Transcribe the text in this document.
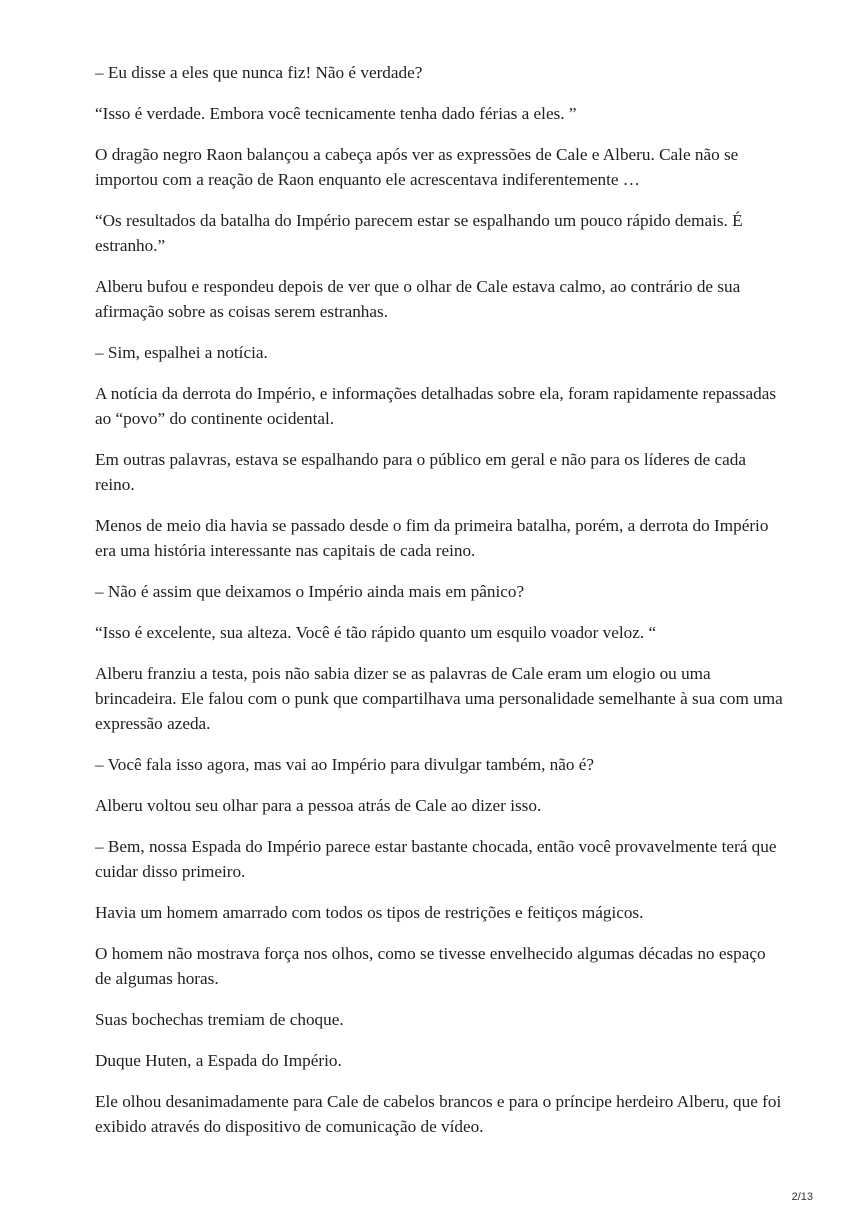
– Eu disse a eles que nunca fiz! Não é verdade?

“Isso é verdade. Embora você tecnicamente tenha dado férias a eles. ”

O dragão negro Raon balançou a cabeça após ver as expressões de Cale e Alberu. Cale não se importou com a reação de Raon enquanto ele acrescentava indiferentemente …

“Os resultados da batalha do Império parecem estar se espalhando um pouco rápido demais. É estranho.”

Alberu bufou e respondeu depois de ver que o olhar de Cale estava calmo, ao contrário de sua afirmação sobre as coisas serem estranhas.

– Sim, espalhei a notícia.

A notícia da derrota do Império, e informações detalhadas sobre ela, foram rapidamente repassadas ao “povo” do continente ocidental.

Em outras palavras, estava se espalhando para o público em geral e não para os líderes de cada reino.

Menos de meio dia havia se passado desde o fim da primeira batalha, porém, a derrota do Império era uma história interessante nas capitais de cada reino.

– Não é assim que deixamos o Império ainda mais em pânico?

“Isso é excelente, sua alteza. Você é tão rápido quanto um esquilo voador veloz. “

Alberu franziu a testa, pois não sabia dizer se as palavras de Cale eram um elogio ou uma brincadeira. Ele falou com o punk que compartilhava uma personalidade semelhante à sua com uma expressão azeda.

– Você fala isso agora, mas vai ao Império para divulgar também, não é?

Alberu voltou seu olhar para a pessoa atrás de Cale ao dizer isso.

– Bem, nossa Espada do Império parece estar bastante chocada, então você provavelmente terá que cuidar disso primeiro.

Havia um homem amarrado com todos os tipos de restrições e feitiços mágicos.

O homem não mostrava força nos olhos, como se tivesse envelhecido algumas décadas no espaço de algumas horas.

Suas bochechas tremiam de choque.

Duque Huten, a Espada do Império.

Ele olhou desanimadamente para Cale de cabelos brancos e para o príncipe herdeiro Alberu, que foi exibido através do dispositivo de comunicação de vídeo.

2/13
